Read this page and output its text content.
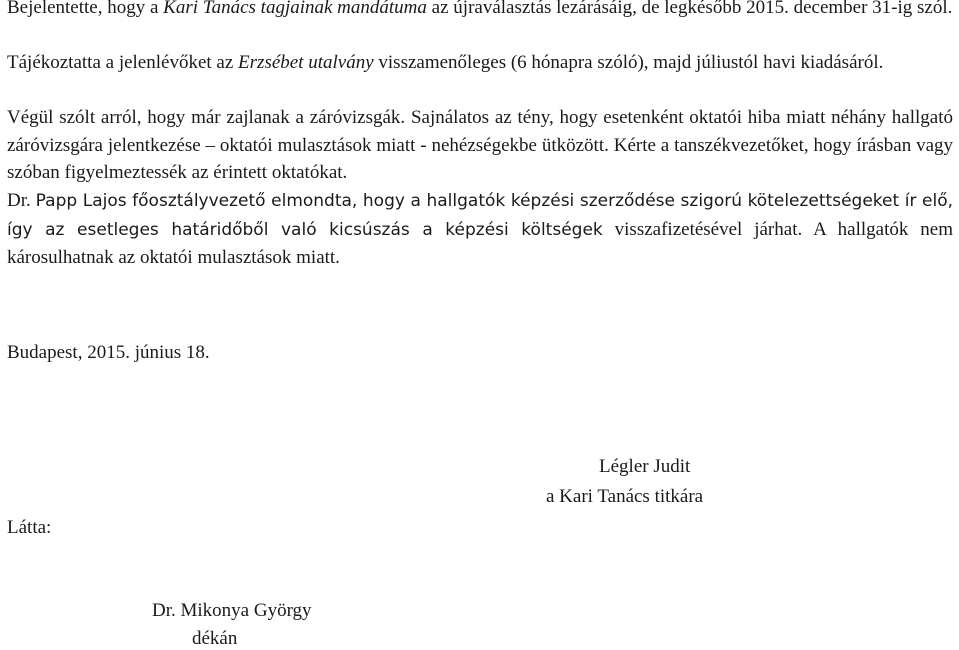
Bejelentette, hogy a Kari Tanács tagjainak mandátuma az újraválasztás lezárásáig, de legkésőbb 2015. december 31-ig szól.

Tájékoztatta a jelenlévőket az Erzsébet utalvány visszamenőleges (6 hónapra szóló), majd júliustól havi kiadásáról.

Végül szólt arról, hogy már zajlanak a záróvizsgák. Sajnálatos az tény, hogy esetenként oktatói hiba miatt néhány hallgató záróvizsgára jelentkezése – oktatói mulasztások miatt - nehézségekbe ütközött. Kérte a tanszékvezetőket, hogy írásban vagy szóban figyelmeztessék az érintett oktatókat.

Dr. Papp Lajos főosztályvezető elmondta, hogy a hallgatók képzési szerződése szigorú kötelezettségeket ír elő, így az esetleges határidőből való kicsúszás a képzési költségek visszafizetésével járhat. A hallgatók nem károsulhatnak az oktatói mulasztások miatt.

Budapest, 2015. június 18.
Légler Judit
a Kari Tanács titkára
Látta:
Dr. Mikonya György
dékán
